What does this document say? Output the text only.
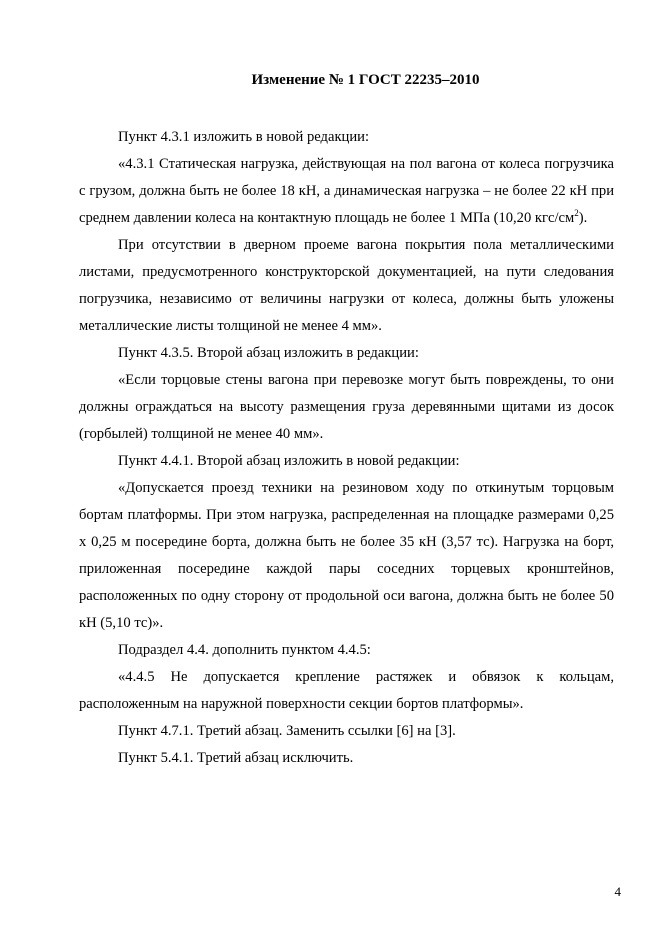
Изменение № 1 ГОСТ 22235–2010

Пункт 4.3.1 изложить в новой редакции:

«4.3.1 Статическая нагрузка, действующая на пол вагона от колеса погрузчика с грузом, должна быть не более 18 кН, а динамическая нагрузка – не более 22 кН при среднем давлении колеса на контактную площадь не более 1 МПа (10,20 кгс/$см^2$).

При отсутствии в дверном проеме вагона покрытия пола металлическими листами, предусмотренного конструкторской документацией, на пути следования погрузчика, независимо от величины нагрузки от колеса, должны быть уложены металлические листы толщиной не менее 4 мм».

Пункт 4.3.5. Второй абзац изложить в редакции:

«Если торцовые стены вагона при перевозке могут быть повреждены, то они должны ограждаться на высоту размещения груза деревянными щитами из досок (горбылей) толщиной не менее 40 мм».

Пункт 4.4.1. Второй абзац изложить в новой редакции:

«Допускается проезд техники на резиновом ходу по откинутым торцовым бортам платформы. При этом нагрузка, распределенная на площадке размерами 0,25 х 0,25 м посередине борта, должна быть не более 35 кН (3,57 тс). Нагрузка на борт, приложенная посередине каждой пары соседних торцевых кронштейнов, расположенных по одну сторону от продольной оси вагона, должна быть не более 50 кН (5,10 тс)».

Подраздел 4.4. дополнить пунктом 4.4.5:

«4.4.5 Не допускается крепление растяжек и обвязок к кольцам, расположенным на наружной поверхности секции бортов платформы».

Пункт 4.7.1. Третий абзац. Заменить ссылки [6] на [3].

Пункт 5.4.1. Третий абзац исключить.

4
